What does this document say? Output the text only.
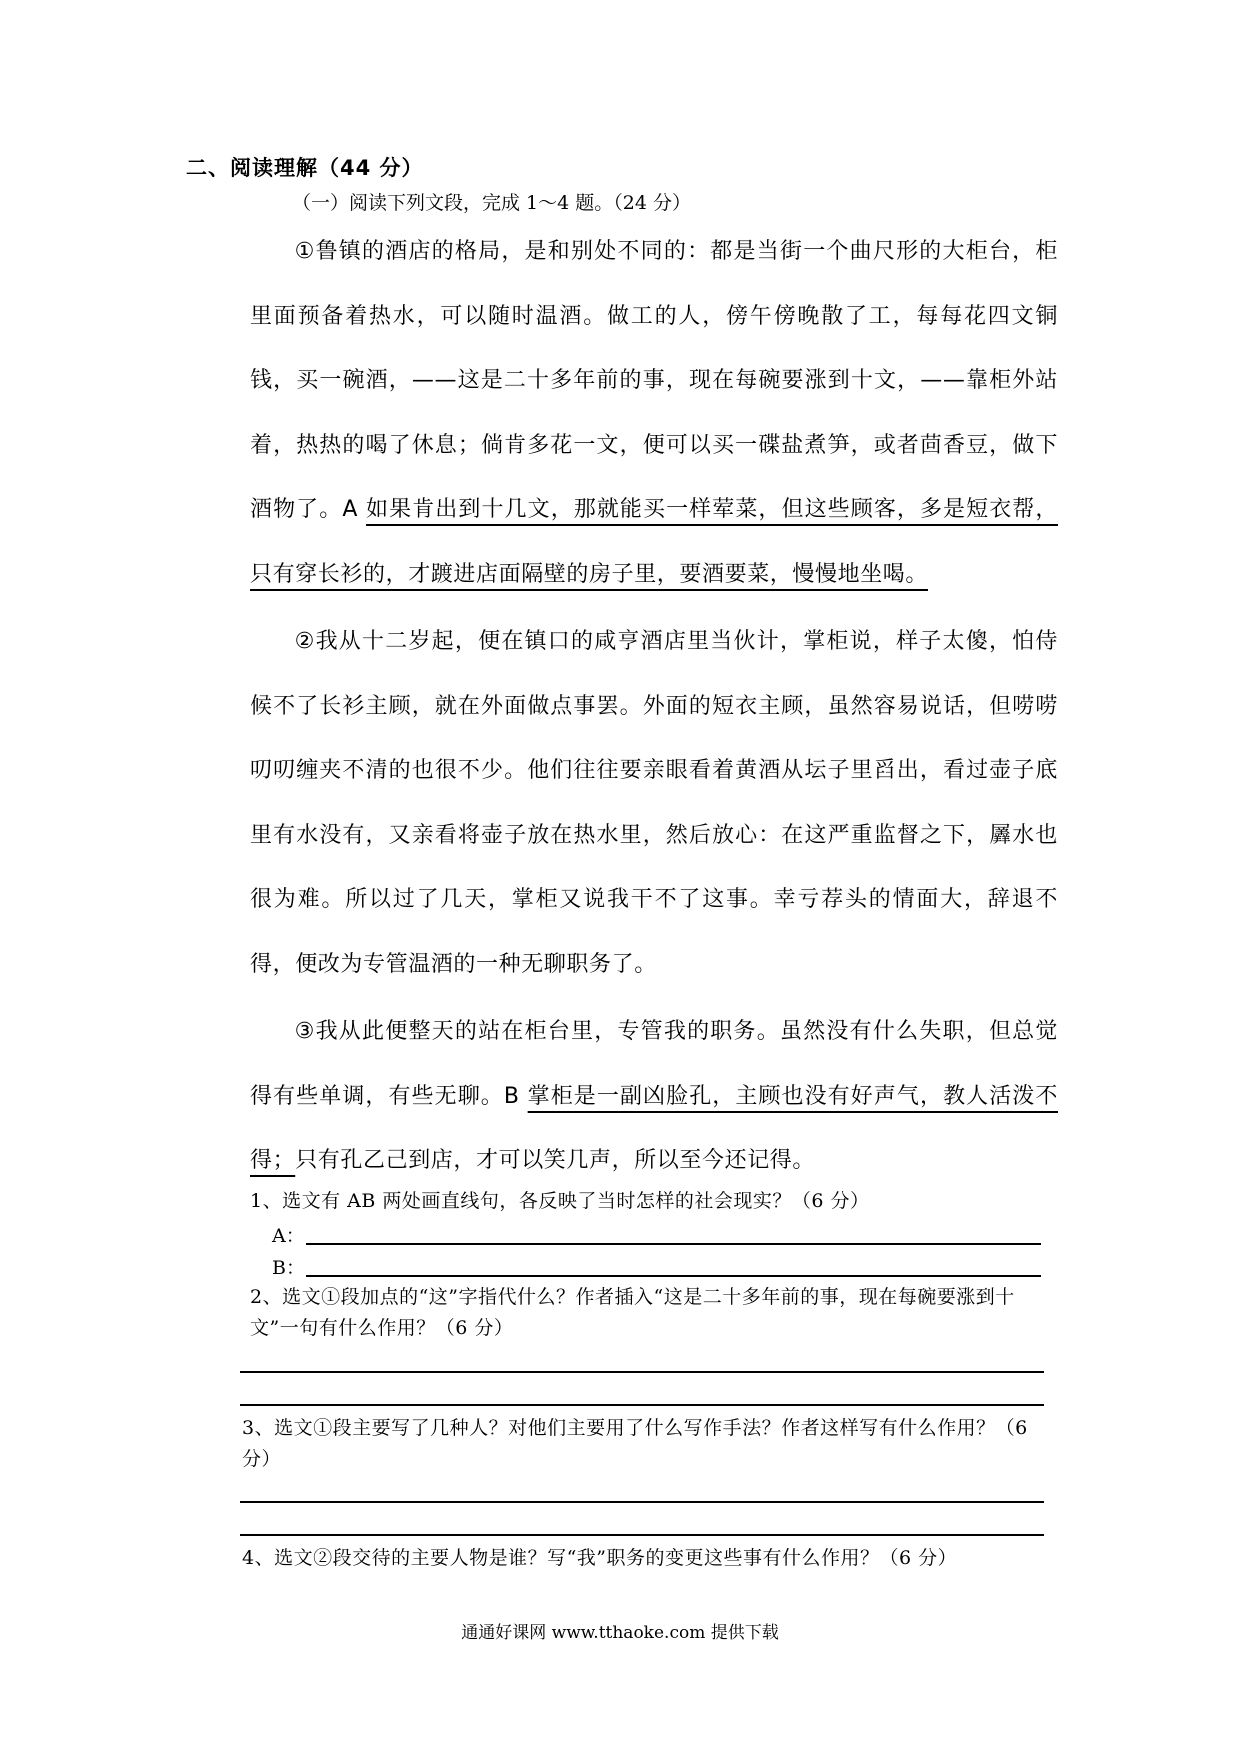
二、阅读理解（44 分）
（一）阅读下列文段，完成 1～4 题。（24 分）
①鲁镇的酒店的格局，是和别处不同的：都是当街一个曲尺形的大柜台，柜里面预备着热水，可以随时温酒。做工的人，傍午傍晚散了工，每每花四文铜钱，买一碗酒，——这是二十多年前的事，现在每碗要涨到十文，——靠柜外站着，热热的喝了休息；倘肯多花一文，便可以买一碟盐煮笋，或者茴香豆，做下酒物了。A 如果肯出到十几文，那就能买一样荤菜，但这些顾客，多是短衣帮，只有穿长衫的，才踱进店面隔壁的房子里，要酒要菜，慢慢地坐喝。
②我从十二岁起，便在镇口的咸亨酒店里当伙计，掌柜说，样子太傻，怕侍候不了长衫主顾，就在外面做点事罢。外面的短衣主顾，虽然容易说话，但唠唠叨叨缠夹不清的也很不少。他们往往要亲眼看着黄酒从坛子里舀出，看过壶子底里有水没有，又亲看将壶子放在热水里，然后放心：在这严重监督之下，羼水也很为难。所以过了几天，掌柜又说我干不了这事。幸亏荐头的情面大，辞退不得，便改为专管温酒的一种无聊职务了。
③我从此便整天的站在柜台里，专管我的职务。虽然没有什么失职，但总觉得有些单调，有些无聊。B 掌柜是一副凶脸孔，主顾也没有好声气，教人活泼不得；只有孔乙己到店，才可以笑几声，所以至今还记得。
1、选文有 AB 两处画直线句，各反映了当时怎样的社会现实？（6 分）
A：
B：
2、选文①段加点的“这”字指代什么？作者插入“这是二十多年前的事，现在每碗要涨到十文”一句有什么作用？（6 分）
3、选文①段主要写了几种人？对他们主要用了什么写作手法？作者这样写有什么作用？（6 分）
4、选文②段交待的主要人物是谁？写“我”职务的变更这些事有什么作用？（6 分）
通通好课网 www.tthaoke.com 提供下载
